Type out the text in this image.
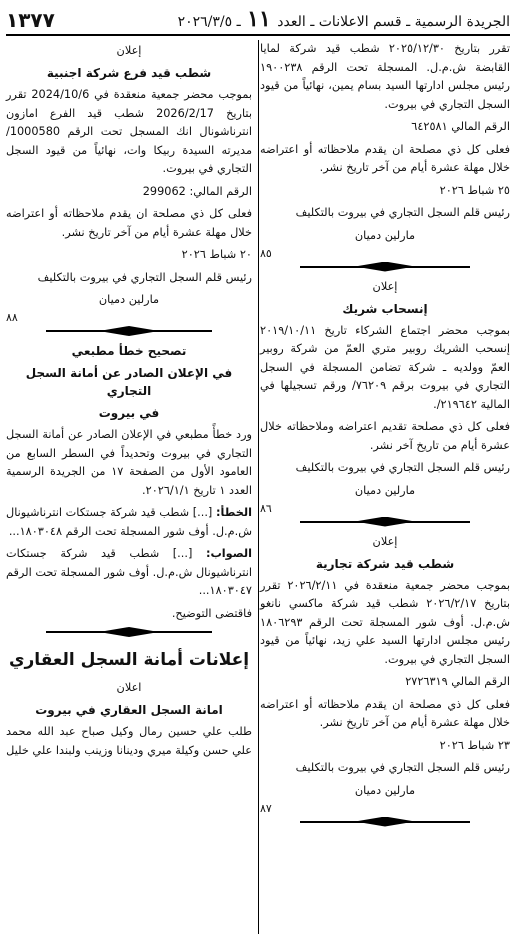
الجريدة الرسمية ـ قسم الاعلانات ـ العدد ١١ ـ ٢٠٢٦/٣/٥
١٣٧٧

تقرر بتاريخ ٢٠٢٥/١٢/٣٠ شطب قيد شركة لمايا القابضة ش.م.ل. المسجلة تحت الرقم ١٩٠٠٢٣٨ رئيس مجلس ادارتها السيد بسام يمين، نهائياً من قيود السجل التجاري في بيروت.

الرقم المالي ٦٤٢٥٨١

فعلى كل ذي مصلحة ان يقدم ملاحظاته أو اعتراضه خلال مهلة عشرة أيام من آخر تاريخ نشر.

٢٥ شباط ٢٠٢٦

رئيس قلم السجل التجاري في بيروت بالتكليف

مارلين دميان

٨٥

إعلان

إنسحاب شريك

بموجب محضر اجتماع الشركاء تاريخ ٢٠١٩/١٠/١١ إنسحب الشريك روبير متري العمّ من شركة روبير العمّ وولديه ـ شركة تضامن المسجلة في السجل التجاري في بيروت برقم ٧٦٢٠٩/ ورقم تسجيلها في المالية ٢١٩٦٤٢/.

فعلى كل ذي مصلحة تقديم اعتراضه وملاحظاته خلال عشرة أيام من تاريخ آخر نشر.

رئيس قلم السجل التجاري في بيروت بالتكليف

مارلين دميان

٨٦

إعلان

شطب قيد شركة تجارية

بموجب محضر جمعية منعقدة في ٢٠٢٦/٢/١١ تقرر بتاريخ ٢٠٢٦/٢/١٧ شطب قيد شركة ماكسي نانغو ش.م.ل. أوف شور المسجلة تحت الرقم ١٨٠٦٢٩٣ رئيس مجلس ادارتها السيد علي زيد، نهائياً من قيود السجل التجاري في بيروت.

الرقم المالي ٢٧٢٦٣١٩

فعلى كل ذي مصلحة ان يقدم ملاحظاته أو اعتراضه خلال مهلة عشرة أيام من آخر تاريخ نشر.

٢٣ شباط ٢٠٢٦

رئيس قلم السجل التجاري في بيروت بالتكليف

مارلين دميان

٨٧

إعلان

شطب قيد فرع شركة اجنبية

بموجب محضر جمعية منعقدة في 2024/10/6 تقرر بتاريخ 2026/2/17 شطب قيد الفرع امازون انترناشونال انك المسجل تحت الرقم 1000580/ مديرته السيدة ربيكا وات، نهائياً من قيود السجل التجاري في بيروت.

الرقم المالي: 299062

فعلى كل ذي مصلحة ان يقدم ملاحظاته أو اعتراضه خلال مهلة عشرة أيام من آخر تاريخ نشر.

٢٠ شباط ٢٠٢٦

رئيس قلم السجل التجاري في بيروت بالتكليف

مارلين دميان

٨٨

تصحيح خطأ مطبعي

في الإعلان الصادر عن أمانة السجل التجاري

في بيروت

ورد خطأً مطبعي في الإعلان الصادر عن أمانة السجل التجاري في بيروت وتحديداً في السطر السابع من العامود الأول من الصفحة ١٧ من الجريدة الرسمية العدد ١ تاريخ ٢٠٢٦/١/١.

الخطأ: [...] شطب قيد شركة جستكات انترناشيونال ش.م.ل. أوف شور المسجلة تحت الرقم ١٨٠٣٠٤٨...

الصواب: [...] شطب قيد شركة جستكات انترناشيونال ش.م.ل. أوف شور المسجلة تحت الرقم ١٨٠٣٠٤٧...

فاقتضى التوضيح.

إعلانات أمانة السجل العقاري

اعلان

امانة السجل العقاري في بيروت

طلب علي حسين رمال وكيل صباح عبد الله محمد علي حسن وكيلة ميري ودينانا وزينب ولبندا علي خليل
